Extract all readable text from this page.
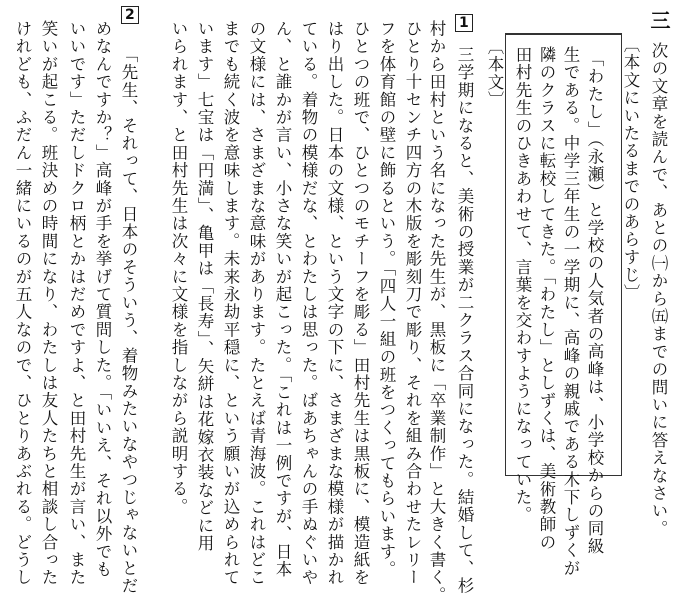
三
次の文章を読んで、あとの㈠から㈤までの問いに答えなさい。
〔本文にいたるまでのあらすじ〕
「わたし」（永瀬）と学校の人気者の高峰は、小学校からの同級
生である。中学三年生の一学期に、高峰の親戚である木下しずくが
隣のクラスに転校してきた。「わたし」としずくは、美術教師の
田村先生のひきあわせて、言葉を交わすようになっていた。
〔本文〕
1
三学期になると、美術の授業が二クラス合同になった。結婚して、杉
村から田村という名になった先生が、黒板に「卒業制作」と大きく書く。
ひとり十センチ四方の木版を彫刻刀で彫り、それを組み合わせたレリー
フを体育館の壁に飾るという。「四人一組の班をつくってもらいます。
ひとつの班で、ひとつのモチーフを彫る」田村先生は黒板に、模造紙を
はり出した。日本の文様、という文字の下に、さまざまな模様が描かれ
ている。着物の模様だな、とわたしは思った。ばあちゃんの手ぬぐいや
ん、と誰かが言い、小さな笑いが起こった。「これは一例ですが、日本
の文様には、さまざまな意味があります。たとえば青海波。これはどこ
までも続く波を意味します。未来永劫平穏に、という願いが込められて
います」七宝は「円満」、亀甲は「長寿」、矢絣は花嫁衣装などに用
いられます、と田村先生は次々に文様を指しながら説明する。
2
「先生、それって、日本のそういう、着物みたいなやつじゃないとだ
めなんですか？」高峰が手を挙げて質問した。「いいえ、それ以外でも
いいです」ただしドクロ柄とかはだめですよ、と田村先生が言い、また
笑いが起こる。班決めの時間になり、わたしは友人たちと相談し合った
けれども、ふだん一緒にいるのが五人なので、ひとりあぶれる。どうし
